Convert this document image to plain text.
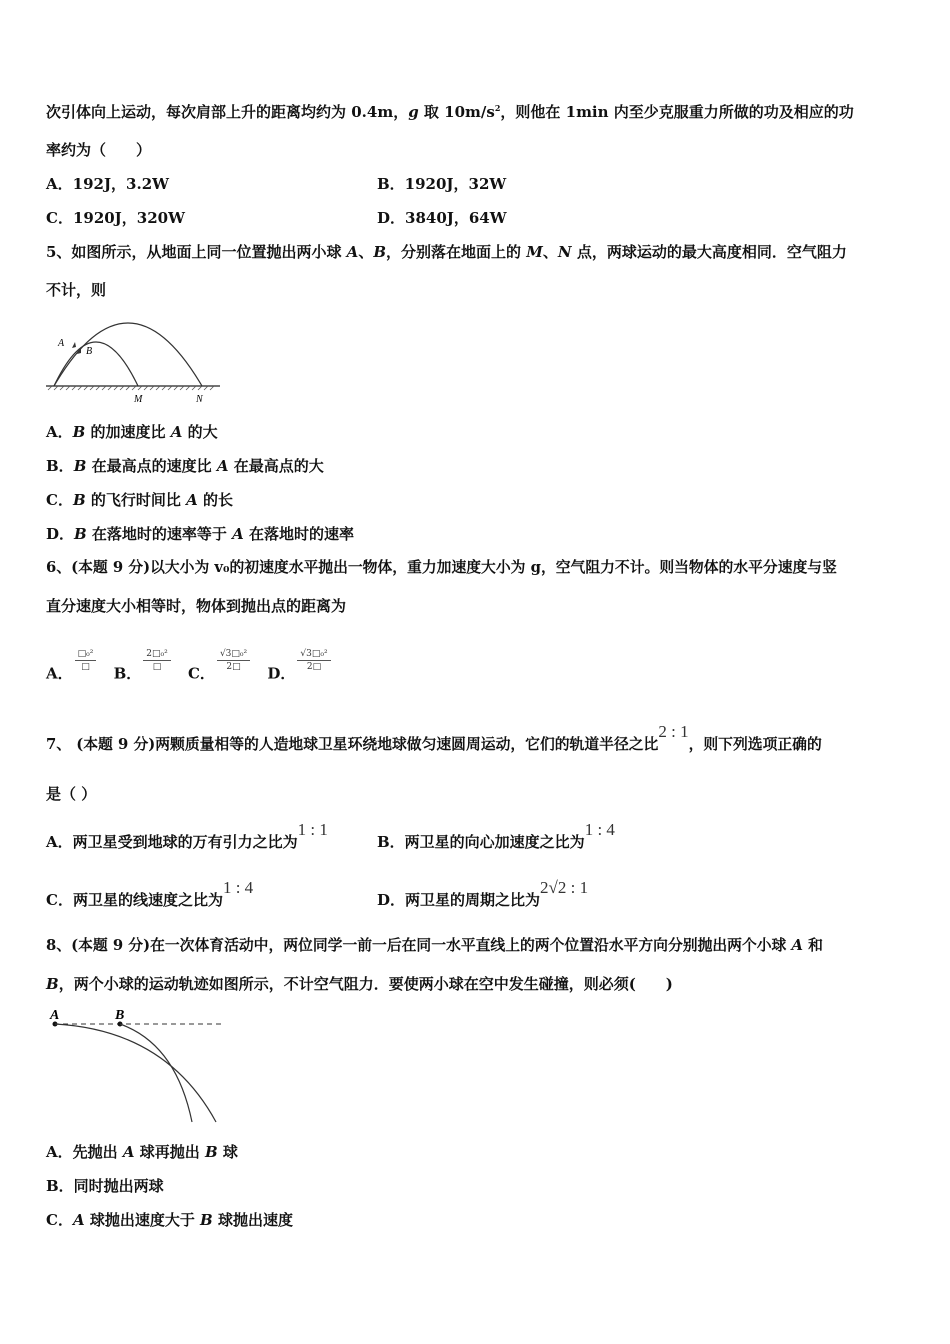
次引体向上运动，每次肩部上升的距离均约为 0.4m，g 取 $10m/s^2$，则他在 1min 内至少克服重力所做的功及相应的功
率约为（　　）
A．192J，3.2W	B．1920J，32W
C．1920J，320W	D．3840J，64W
5、如图所示，从地面上同一位置抛出两小球 A、B，分别落在地面上的 M、N 点，两球运动的最大高度相同．空气阻力
不计，则
A
B
M	N
A．B 的加速度比 A 的大
B．B 在最高点的速度比 A 在最高点的大
C．B 的飞行时间比 A 的长
D．B 在落地时的速率等于 A 在落地时的速率
6、(本题 9 分)以大小为 v₀的初速度水平抛出一物体，重力加速度大小为 g，空气阻力不计。则当物体的水平分速度与竖
直分速度大小相等时，物体到抛出点的距离为
A．
$\frac{\text{□₀²}}{□}$
B．
$\frac{\text{2□₀²}}{□}$
C．
$\frac{\text{√3□₀²}}{2□}$
D．
$\frac{\text{√3□₀²}}{2□}$
7、 (本题 9 分)两颗质量相等的人造地球卫星环绕地球做匀速圆周运动，它们的轨道半径之比2 : 1，则下列选项正确的
是（ ）
A．两卫星受到地球的万有引力之比为1 : 1
B．两卫星的向心加速度之比为1 : 4
C．两卫星的线速度之比为1 : 4
D．两卫星的周期之比为2√2 : 1
8、(本题 9 分)在一次体育活动中，两位同学一前一后在同一水平直线上的两个位置沿水平方向分别抛出两个小球 A 和
B，两个小球的运动轨迹如图所示，不计空气阻力．要使两小球在空中发生碰撞，则必须(　　)
A	B
A．先抛出 A 球再抛出 B 球
B．同时抛出两球
C．A 球抛出速度大于 B 球抛出速度
